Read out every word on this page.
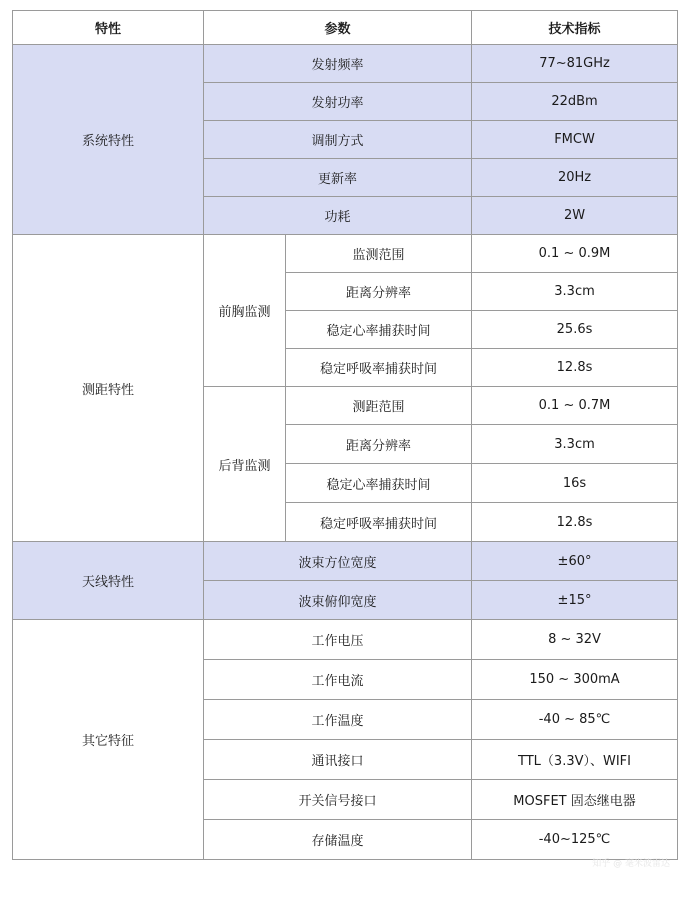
特性	参数		技术指标
系统特性	发射频率		77~81GHz
	发射功率		22dBm
	调制方式		FMCW
	更新率		20Hz
	功耗		2W
测距特性	前胸监测	监测范围	0.1 ~ 0.9M
		距离分辨率	3.3cm
		稳定心率捕获时间	25.6s
		稳定呼吸率捕获时间	12.8s
	后背监测	测距范围	0.1 ~ 0.7M
		距离分辨率	3.3cm
		稳定心率捕获时间	16s
		稳定呼吸率捕获时间	12.8s
天线特性	波束方位宽度		±60°
	波束俯仰宽度		±15°
其它特征	工作电压		8 ~ 32V
	工作电流		150 ~ 300mA
	工作温度		-40 ~ 85℃
	通讯接口		TTL（3.3V）、WIFI
	开关信号接口		MOSFET 固态继电器
	存储温度		-40~125℃
知乎 @ 毫米波雷达
